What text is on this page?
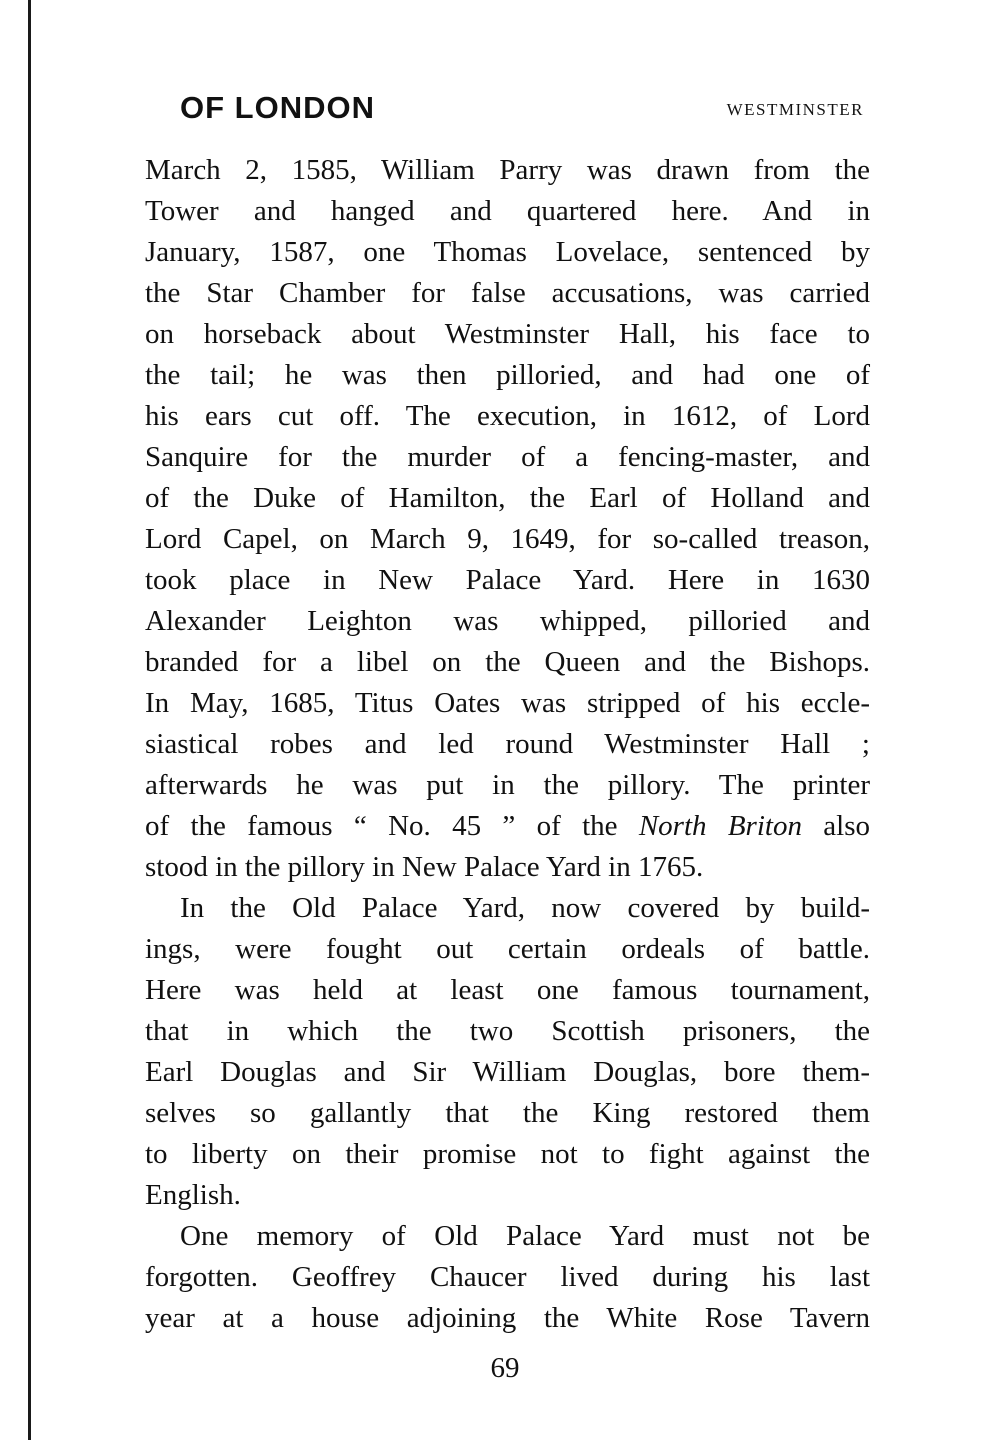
OF LONDON	WESTMINSTER
March 2, 1585, William Parry was drawn from the
Tower and hanged and quartered here. And in
January, 1587, one Thomas Lovelace, sentenced by
the Star Chamber for false accusations, was carried
on horseback about Westminster Hall, his face to
the tail; he was then pilloried, and had one of
his ears cut off. The execution, in 1612, of Lord
Sanquire for the murder of a fencing-master, and
of the Duke of Hamilton, the Earl of Holland and
Lord Capel, on March 9, 1649, for so-called treason,
took place in New Palace Yard. Here in 1630
Alexander Leighton was whipped, pilloried and
branded for a libel on the Queen and the Bishops.
In May, 1685, Titus Oates was stripped of his eccle-
siastical robes and led round Westminster Hall ;
afterwards he was put in the pillory. The printer
of the famous “ No. 45 ” of the North Briton also
stood in the pillory in New Palace Yard in 1765.
In the Old Palace Yard, now covered by build-
ings, were fought out certain ordeals of battle.
Here was held at least one famous tournament,
that in which the two Scottish prisoners, the
Earl Douglas and Sir William Douglas, bore them-
selves so gallantly that the King restored them
to liberty on their promise not to fight against the
English.
One memory of Old Palace Yard must not be
forgotten. Geoffrey Chaucer lived during his last
year at a house adjoining the White Rose Tavern
69
